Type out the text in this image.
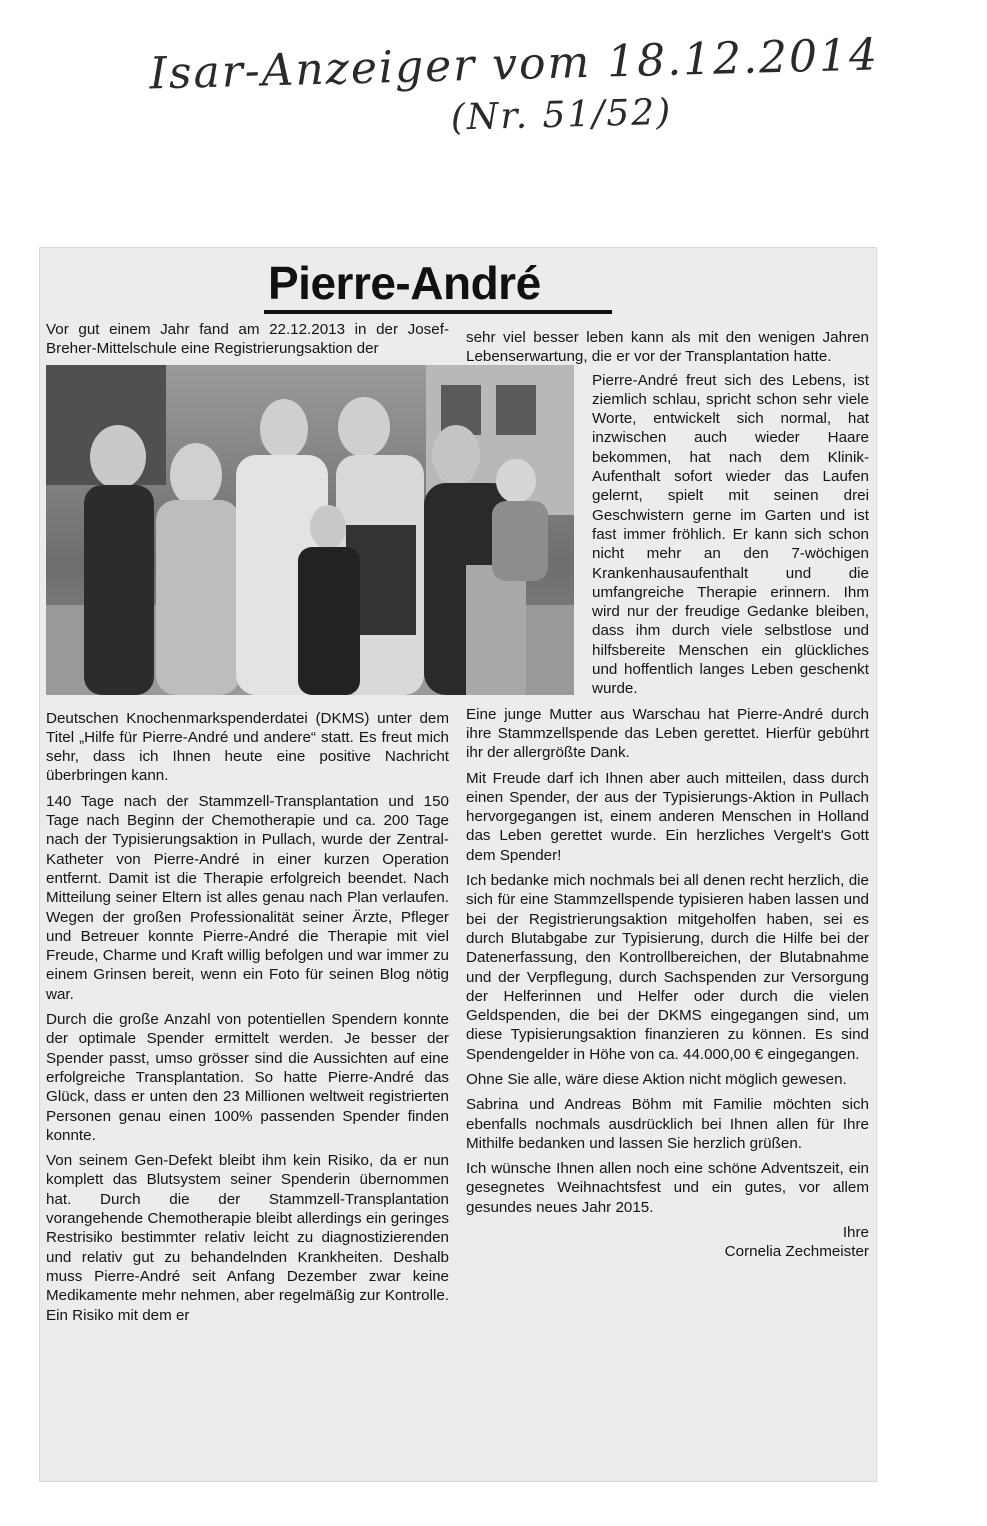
Isar-Anzeiger vom 18.12.2014
(Nr. 51/52)
Pierre-André

Vor gut einem Jahr fand am 22.12.2013 in der Josef-Breher-Mittelschule eine Registrierungsaktion der

Deutschen Knochenmarkspenderdatei (DKMS) unter dem Titel „Hilfe für Pierre-André und andere“ statt. Es freut mich sehr, dass ich Ihnen heute eine positive Nachricht überbringen kann.

140 Tage nach der Stammzell-Transplantation und 150 Tage nach Beginn der Chemotherapie und ca. 200 Tage nach der Typisierungsaktion in Pullach, wurde der Zentral-Katheter von Pierre-André in einer kurzen Operation entfernt. Damit ist die Therapie erfolgreich beendet. Nach Mitteilung seiner Eltern ist alles genau nach Plan verlaufen. Wegen der großen Professionalität seiner Ärzte, Pfleger und Betreuer konnte Pierre-André die Therapie mit viel Freude, Charme und Kraft willig befolgen und war immer zu einem Grinsen bereit, wenn ein Foto für seinen Blog nötig war.

Durch die große Anzahl von potentiellen Spendern konnte der optimale Spender ermittelt werden. Je besser der Spender passt, umso grösser sind die Aussichten auf eine erfolgreiche Transplantation. So hatte Pierre-André das Glück, dass er unten den 23 Millionen weltweit registrierten Personen genau einen 100% passenden Spender finden konnte.

Von seinem Gen-Defekt bleibt ihm kein Risiko, da er nun komplett das Blutsystem seiner Spenderin übernommen hat. Durch die der Stammzell-Transplantation vorangehende Chemotherapie bleibt allerdings ein geringes Restrisiko bestimmter relativ leicht zu diagnostizierenden und relativ gut zu behandelnden Krankheiten. Deshalb muss Pierre-André seit Anfang Dezember zwar keine Medikamente mehr nehmen, aber regelmäßig zur Kontrolle. Ein Risiko mit dem er

sehr viel besser leben kann als mit den wenigen Jahren Lebenserwartung, die er vor der Transplantation hatte.

Pierre-André freut sich des Lebens, ist ziemlich schlau, spricht schon sehr viele Worte, entwickelt sich normal, hat inzwischen auch wieder Haare bekommen, hat nach dem Klinik-Aufenthalt sofort wieder das Laufen gelernt, spielt mit seinen drei Geschwistern gerne im Garten und ist fast immer fröhlich. Er kann sich schon nicht mehr an den 7-wöchigen Krankenhausaufenthalt und die umfangreiche Therapie erinnern. Ihm wird nur der freudige Gedanke bleiben, dass ihm durch viele selbstlose und hilfsbereite Menschen ein glückliches und hoffentlich langes Leben geschenkt wurde.

Eine junge Mutter aus Warschau hat Pierre-André durch ihre Stammzellspende das Leben gerettet. Hierfür gebührt ihr der allergrößte Dank.

Mit Freude darf ich Ihnen aber auch mitteilen, dass durch einen Spender, der aus der Typisierungs-Aktion in Pullach hervorgegangen ist, einem anderen Menschen in Holland das Leben gerettet wurde. Ein herzliches Vergelt's Gott dem Spender!

Ich bedanke mich nochmals bei all denen recht herzlich, die sich für eine Stammzellspende typisieren haben lassen und bei der Registrierungsaktion mitgeholfen haben, sei es durch Blutabgabe zur Typisierung, durch die Hilfe bei der Datenerfassung, den Kontrollbereichen, der Blutabnahme und der Verpflegung, durch Sachspenden zur Versorgung der Helferinnen und Helfer oder durch die vielen Geldspenden, die bei der DKMS eingegangen sind, um diese Typisierungsaktion finanzieren zu können. Es sind Spendengelder in Höhe von ca. 44.000,00 € eingegangen.

Ohne Sie alle, wäre diese Aktion nicht möglich gewesen.

Sabrina und Andreas Böhm mit Familie möchten sich ebenfalls nochmals ausdrücklich bei Ihnen allen für Ihre Mithilfe bedanken und lassen Sie herzlich grüßen.

Ich wünsche Ihnen allen noch eine schöne Adventszeit, ein gesegnetes Weihnachtsfest und ein gutes, vor allem gesundes neues Jahr 2015.

Ihre

Cornelia Zechmeister
